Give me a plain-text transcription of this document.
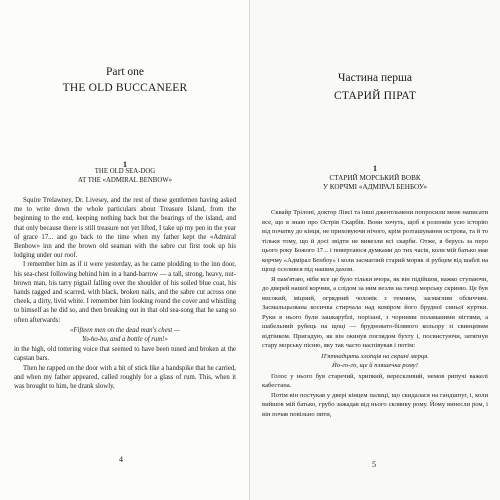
Part one
THE OLD BUCCANEER
1
THE OLD SEA-DOG
AT THE «ADMIRAL BENBOW»

Squire Trelawney, Dr. Livesey, and the rest of these gentlemen having asked me to write down the whole particulars about Treasure Island, from the beginning to the end, keeping nothing back but the bearings of the island, and that only because there is still treasure not yet lifted, I take up my pen in the year of grace 17... and go back to the time when my father kept the «Admiral Benbow» inn and the brown old seaman with the sabre cut first took up his lodging under our roof.

I remember him as if it were yesterday, as he came plodding to the inn door, his sea-chest following behind him in a hand-barrow — a tall, strong, heavy, nut-brown man, his tarry pigtail falling over the shoulder of his soiled blue coat, his hands ragged and scarred, with black, broken nails, and the sabre cut across one cheek, a dirty, livid white. I remember him looking round the cover and whistling to himself as he did so, and then breaking out in that old sea-song that he sang so often afterwards:

«Fifteen men on the dead man's chest —
Yo-ho-ho, and a bottle of rum!»

in the high, old tottering voice that seemed to have been tuned and broken at the capstan bars.

Then he rapped on the door with a bit of stick like a handspike that he carried, and when my father appeared, called roughly for a glass of rum. This, when it was brought to him, he drank slowly,

4
Частина перша
СТАРИЙ ПІРАТ
1
СТАРИЙ МОРСЬКИЙ ВОВК
У КОРЧМІ «АДМІРАЛ БЕНБОУ»

Сквайр Трілоні, доктор Лівсі та інші джентльмени попросили мене написати все, що я знаю про Острів Скарбів. Вони хочуть, щоб я розповів усю історію від початку до кінця, не приховуючи нічого, крім розташування острова, та й то тільки тому, що й досі звідти не вивезли всі скарби. Отже, я берусь за перо цього року Божого 17... і повертаюся думками до тих часів, коли мій батько мав корчму «Адмірал Бенбоу» і коли засмаглий старий моряк зі рубцем від шаблі на щоці оселився під нашим дахом.

Я пам'ятаю, ніби все це було тільки вчора, як він підійшов, важко ступаючи, до дверей нашої корчми, а слідом за ним везли на тачці морську скриню. Це був високий, міцний, огрядний чоловік з темним, засмаглим обличчям. Засмальцьована косичка стирчала над коміром його брудної синьої куртки. Руки в нього були зашкарублі, порізані, з чорними поламаними нігтями, а шабельний рубець на щоці — брудновато-білявого кольору зі свинцевим відтінком. Пригадую, як він окинув поглядом бухту і, посвистуючи, затягнув стару морську пісню, яку так часто наспівував і потім:

П'ятнадцять хлопців на скрині мерця.
Йо-го-го, ще й пляшечка рому!

Голос у нього був старечий, хрипкий, верескливий, немов рипучі важелі кабестана.

Потім він постукав у двері кінцем палиці, що скидалася на гандшпуг, і, коли вийшов мій батько, грубо зажадав від нього склянку рому. Йому винесли ром, і він почав повільно пити,

5
